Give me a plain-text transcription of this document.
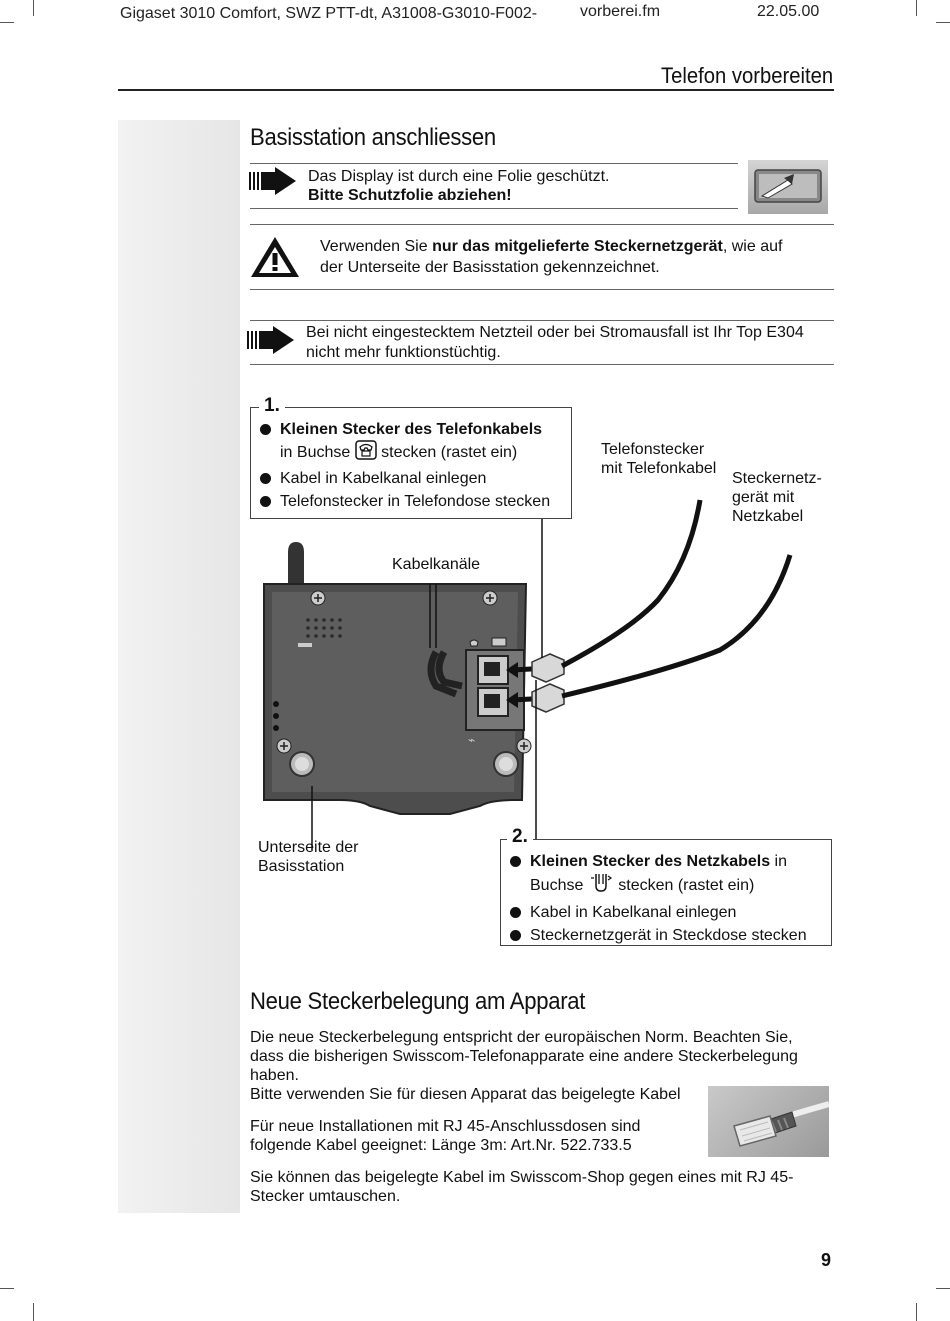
Gigaset 3010 Comfort, SWZ PTT-dt, A31008-G3010-F002-	vorberei.fm	22.05.00
Telefon vorbereiten
Basisstation anschliessen
Das Display ist durch eine Folie geschützt.
Bitte Schutzfolie abziehen!
Verwenden Sie nur das mitgelieferte Steckernetzgerät, wie auf
der Unterseite der Basisstation gekennzeichnet.
Bei nicht eingestecktem Netzteil oder bei Stromausfall ist Ihr Top E304
nicht mehr funktionstüchtig.
⌁
1.
Kleinen Stecker des Telefonkabels
in Buchse  stecken (rastet ein)
Kabel in Kabelkanal einlegen
Telefonstecker in Telefondose stecken
Telefonstecker
mit Telefonkabel
Steckernetz-
gerät mit
Netzkabel
Kabelkanäle
Unterseite der
Basisstation
2.
Kleinen Stecker des Netzkabels in
Buchse  stecken (rastet ein)
Kabel in Kabelkanal einlegen
Steckernetzgerät in Steckdose stecken
Neue Steckerbelegung am Apparat
Die neue Steckerbelegung entspricht der europäischen Norm. Beachten Sie,
dass die bisherigen Swisscom-Telefonapparate eine andere Steckerbelegung
haben.
Bitte verwenden Sie für diesen Apparat das beigelegte Kabel
Für neue Installationen mit RJ 45-Anschlussdosen sind
folgende Kabel geeignet: Länge 3m: Art.Nr. 522.733.5
Sie können das beigelegte Kabel im Swisscom-Shop gegen eines mit RJ 45-
Stecker umtauschen.
9
